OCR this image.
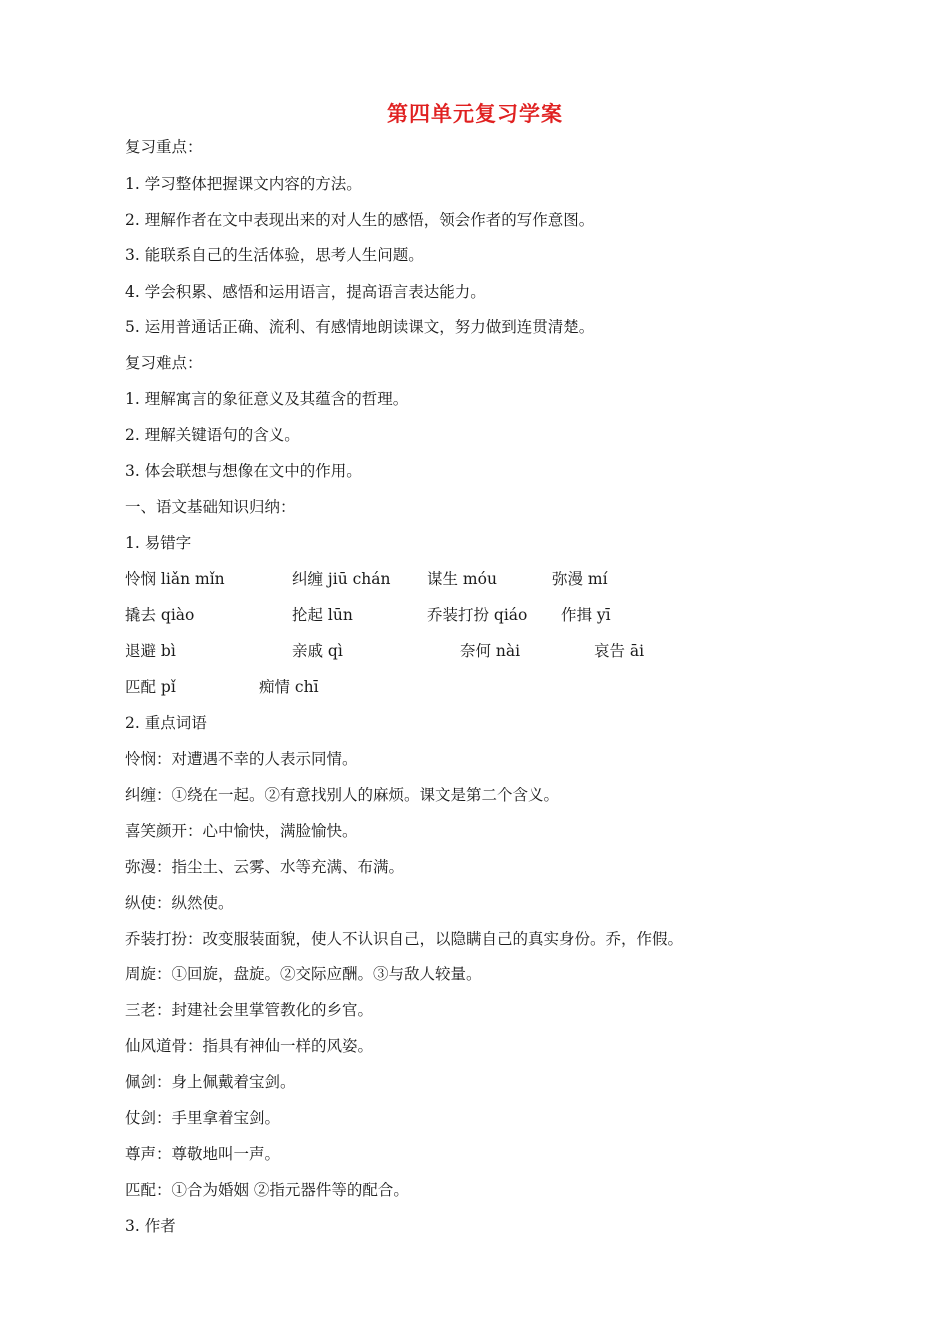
第四单元复习学案

复习重点：

1. 学习整体把握课文内容的方法。

2. 理解作者在文中表现出来的对人生的感悟，领会作者的写作意图。

3. 能联系自己的生活体验，思考人生问题。

4. 学会积累、感悟和运用语言，提高语言表达能力。

5. 运用普通话正确、流利、有感情地朗读课文，努力做到连贯清楚。

复习难点：

1. 理解寓言的象征意义及其蕴含的哲理。

2. 理解关键语句的含义。

3. 体会联想与想像在文中的作用。

一、语文基础知识归纳：

1. 易错字

怜悯 liǎn mǐn	纠缠 jiū chán 谋生 móu	弥漫 mí
撬去 qiào	抡起 lūn	乔装打扮 qiáo 作揖 yī
退避 bì	亲戚 qì	奈何 nài	哀告 āi
匹配 pǐ	痴情 chī

2. 重点词语

怜悯：对遭遇不幸的人表示同情。

纠缠：①绕在一起。②有意找别人的麻烦。课文是第二个含义。

喜笑颜开：心中愉快，满脸愉快。

弥漫：指尘土、云雾、水等充满、布满。

纵使：纵然使。

乔装打扮：改变服装面貌，使人不认识自己，以隐瞒自己的真实身份。乔，作假。

周旋：①回旋，盘旋。②交际应酬。③与敌人较量。

三老：封建社会里掌管教化的乡官。

仙风道骨：指具有神仙一样的风姿。

佩剑：身上佩戴着宝剑。

仗剑：手里拿着宝剑。

尊声：尊敬地叫一声。

匹配：①合为婚姻 ②指元器件等的配合。

3. 作者
